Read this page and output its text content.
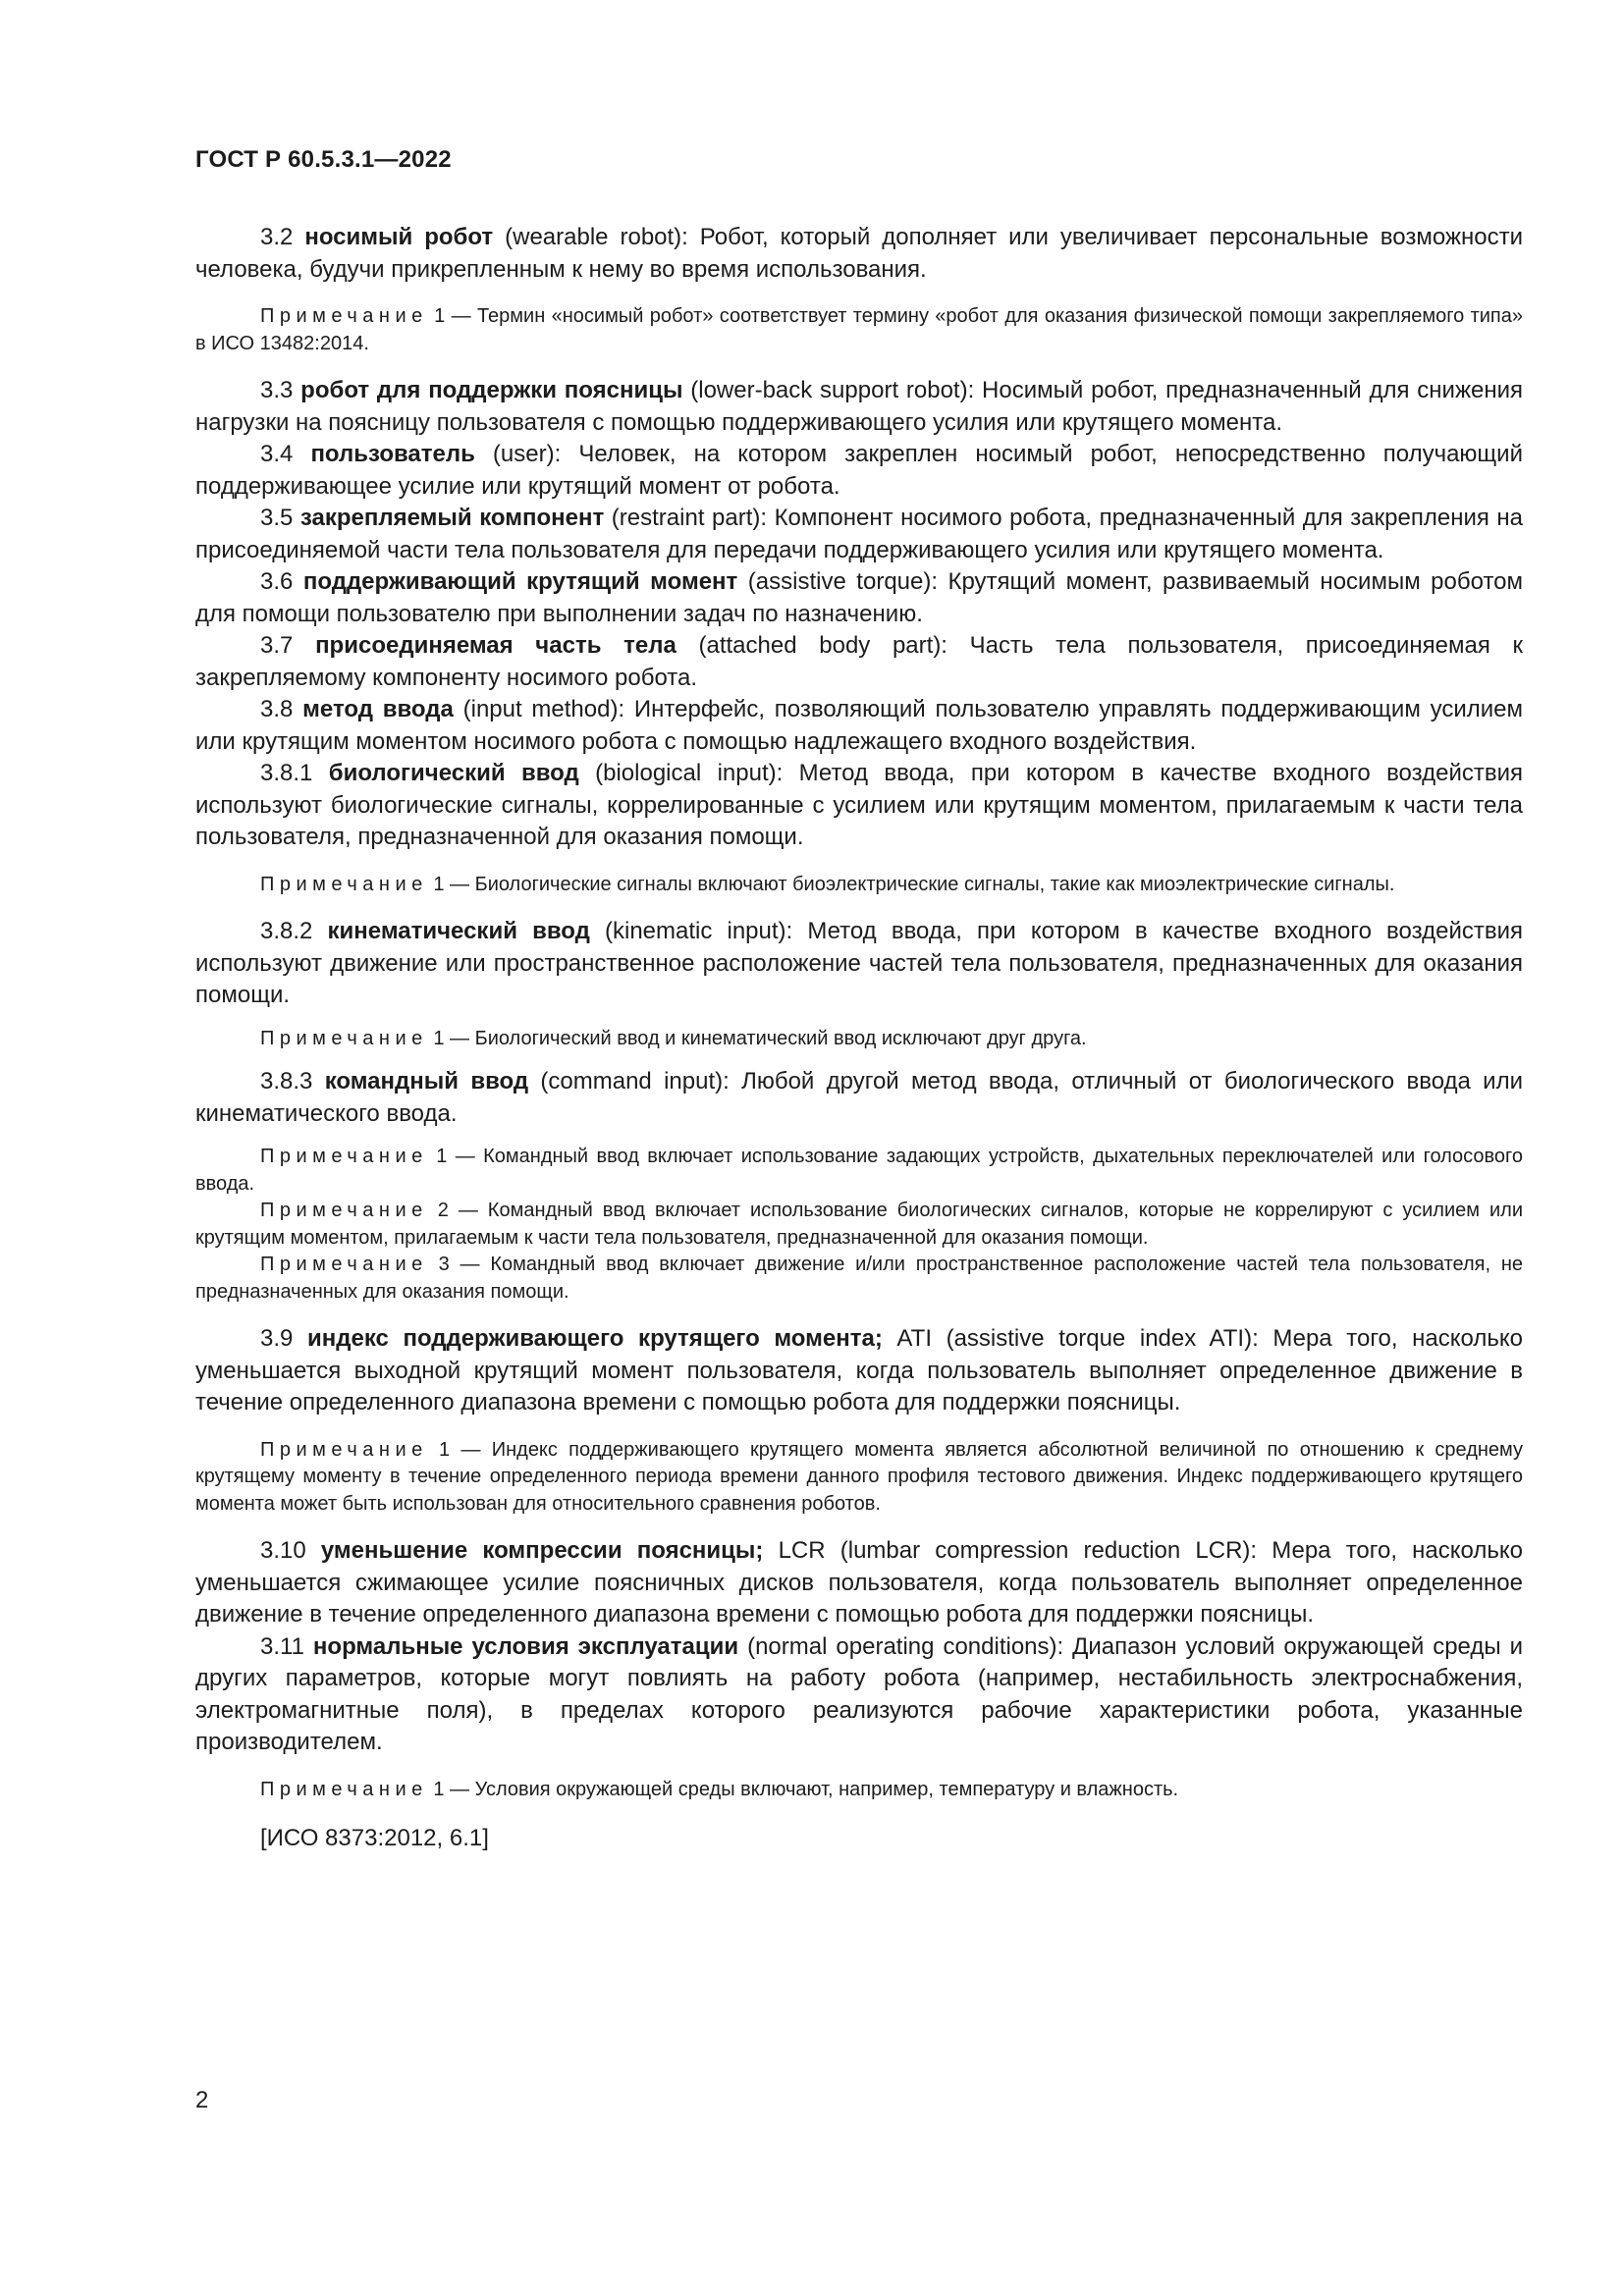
ГОСТ Р 60.5.3.1—2022

3.2 носимый робот (wearable robot): Робот, который дополняет или увеличивает персональные возможности человека, будучи прикрепленным к нему во время использования.

Примечание 1 — Термин «носимый робот» соответствует термину «робот для оказания физической помощи закрепляемого типа» в ИСО 13482:2014.

3.3 робот для поддержки поясницы (lower-back support robot): Носимый робот, предназначенный для снижения нагрузки на поясницу пользователя с помощью поддерживающего усилия или крутящего момента.

3.4 пользователь (user): Человек, на котором закреплен носимый робот, непосредственно получающий поддерживающее усилие или крутящий момент от робота.

3.5 закрепляемый компонент (restraint part): Компонент носимого робота, предназначенный для закрепления на присоединяемой части тела пользователя для передачи поддерживающего усилия или крутящего момента.

3.6 поддерживающий крутящий момент (assistive torque): Крутящий момент, развиваемый носимым роботом для помощи пользователю при выполнении задач по назначению.

3.7 присоединяемая часть тела (attached body part): Часть тела пользователя, присоединяемая к закрепляемому компоненту носимого робота.

3.8 метод ввода (input method): Интерфейс, позволяющий пользователю управлять поддерживающим усилием или крутящим моментом носимого робота с помощью надлежащего входного воздействия.

3.8.1 биологический ввод (biological input): Метод ввода, при котором в качестве входного воздействия используют биологические сигналы, коррелированные с усилием или крутящим моментом, прилагаемым к части тела пользователя, предназначенной для оказания помощи.

Примечание 1 — Биологические сигналы включают биоэлектрические сигналы, такие как миоэлектрические сигналы.

3.8.2 кинематический ввод (kinematic input): Метод ввода, при котором в качестве входного воздействия используют движение или пространственное расположение частей тела пользователя, предназначенных для оказания помощи.

Примечание 1 — Биологический ввод и кинематический ввод исключают друг друга.

3.8.3 командный ввод (command input): Любой другой метод ввода, отличный от биологического ввода или кинематического ввода.

Примечание 1 — Командный ввод включает использование задающих устройств, дыхательных переключателей или голосового ввода.

Примечание 2 — Командный ввод включает использование биологических сигналов, которые не коррелируют с усилием или крутящим моментом, прилагаемым к части тела пользователя, предназначенной для оказания помощи.

Примечание 3 — Командный ввод включает движение и/или пространственное расположение частей тела пользователя, не предназначенных для оказания помощи.

3.9 индекс поддерживающего крутящего момента; ATI (assistive torque index ATI): Мера того, насколько уменьшается выходной крутящий момент пользователя, когда пользователь выполняет определенное движение в течение определенного диапазона времени с помощью робота для поддержки поясницы.

Примечание 1 — Индекс поддерживающего крутящего момента является абсолютной величиной по отношению к среднему крутящему моменту в течение определенного периода времени данного профиля тестового движения. Индекс поддерживающего крутящего момента может быть использован для относительного сравнения роботов.

3.10 уменьшение компрессии поясницы; LCR (lumbar compression reduction LCR): Мера того, насколько уменьшается сжимающее усилие поясничных дисков пользователя, когда пользователь выполняет определенное движение в течение определенного диапазона времени с помощью робота для поддержки поясницы.

3.11 нормальные условия эксплуатации (normal operating conditions): Диапазон условий окружающей среды и других параметров, которые могут повлиять на работу робота (например, нестабильность электроснабжения, электромагнитные поля), в пределах которого реализуются рабочие характеристики робота, указанные производителем.

Примечание 1 — Условия окружающей среды включают, например, температуру и влажность.

[ИСО 8373:2012, 6.1]

2
